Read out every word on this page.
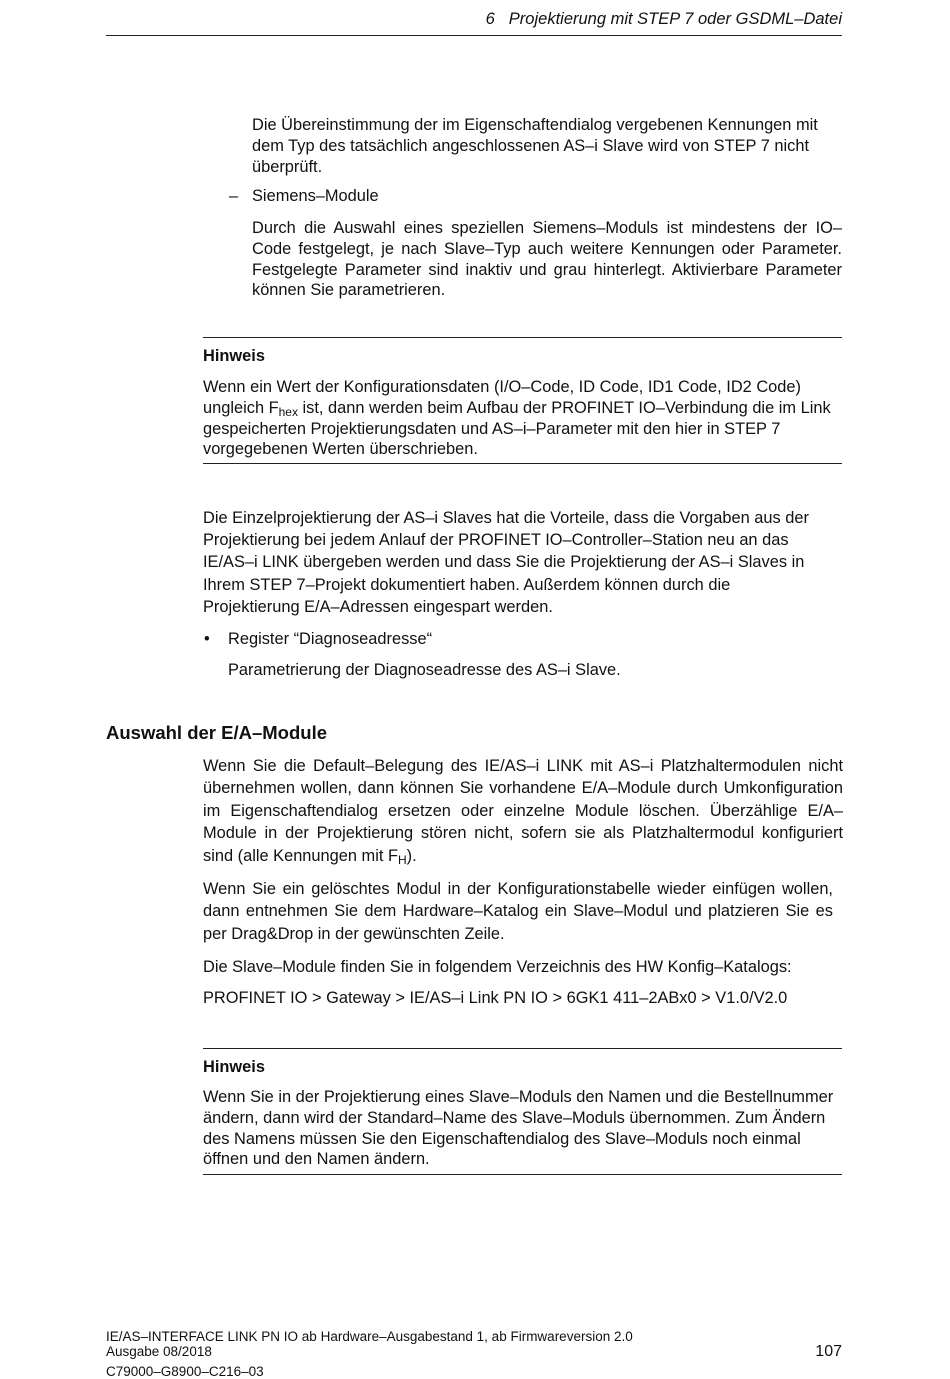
6 Projektierung mit STEP 7 oder GSDML–Datei
Die Übereinstimmung der im Eigenschaftendialog vergebenen Kennungen mit dem Typ des tatsächlich angeschlossenen AS–i Slave wird von STEP 7 nicht überprüft.
– Siemens–Module
Durch die Auswahl eines speziellen Siemens–Moduls ist mindestens der IO–Code festgelegt, je nach Slave–Typ auch weitere Kennungen oder Parameter. Festgelegte Parameter sind inaktiv und grau hinterlegt. Aktivierbare Parameter können Sie parametrieren.
Hinweis
Wenn ein Wert der Konfigurationsdaten (I/O–Code, ID Code, ID1 Code, ID2 Code) ungleich $F_{hex}$ ist, dann werden beim Aufbau der PROFINET IO–Verbindung die im Link gespeicherten Projektierungsdaten und AS–i–Parameter mit den hier in STEP 7 vorgegebenen Werten überschrieben.
Die Einzelprojektierung der AS–i Slaves hat die Vorteile, dass die Vorgaben aus der Projektierung bei jedem Anlauf der PROFINET IO–Controller–Station neu an das IE/AS–i LINK übergeben werden und dass Sie die Projektierung der AS–i Slaves in Ihrem STEP 7–Projekt dokumentiert haben. Außerdem können durch die Projektierung E/A–Adressen eingespart werden.
• Register “Diagnoseadresse“
Parametrierung der Diagnoseadresse des AS–i Slave.
Auswahl der E/A–Module
Wenn Sie die Default–Belegung des IE/AS–i LINK mit AS–i Platzhaltermodulen nicht übernehmen wollen, dann können Sie vorhandene E/A–Module durch Umkonfiguration im Eigenschaftendialog ersetzen oder einzelne Module löschen. Überzählige E/A–Module in der Projektierung stören nicht, sofern sie als Platzhaltermodul konfiguriert sind (alle Kennungen mit $F_H$).
Wenn Sie ein gelöschtes Modul in der Konfigurationstabelle wieder einfügen wollen, dann entnehmen Sie dem Hardware–Katalog ein Slave–Modul und platzieren Sie es per Drag&Drop in der gewünschten Zeile.
Die Slave–Module finden Sie in folgendem Verzeichnis des HW Konfig–Katalogs:
PROFINET IO > Gateway > IE/AS–i Link PN IO > 6GK1 411–2ABx0 > V1.0/V2.0
Hinweis
Wenn Sie in der Projektierung eines Slave–Moduls den Namen und die Bestellnummer ändern, dann wird der Standard–Name des Slave–Moduls übernommen. Zum Ändern des Namens müssen Sie den Eigenschaftendialog des Slave–Moduls noch einmal öffnen und den Namen ändern.
IE/AS–INTERFACE LINK PN IO ab Hardware–Ausgabestand 1, ab Firmwareversion 2.0
Ausgabe 08/2018
C79000–G8900–C216–03
107
